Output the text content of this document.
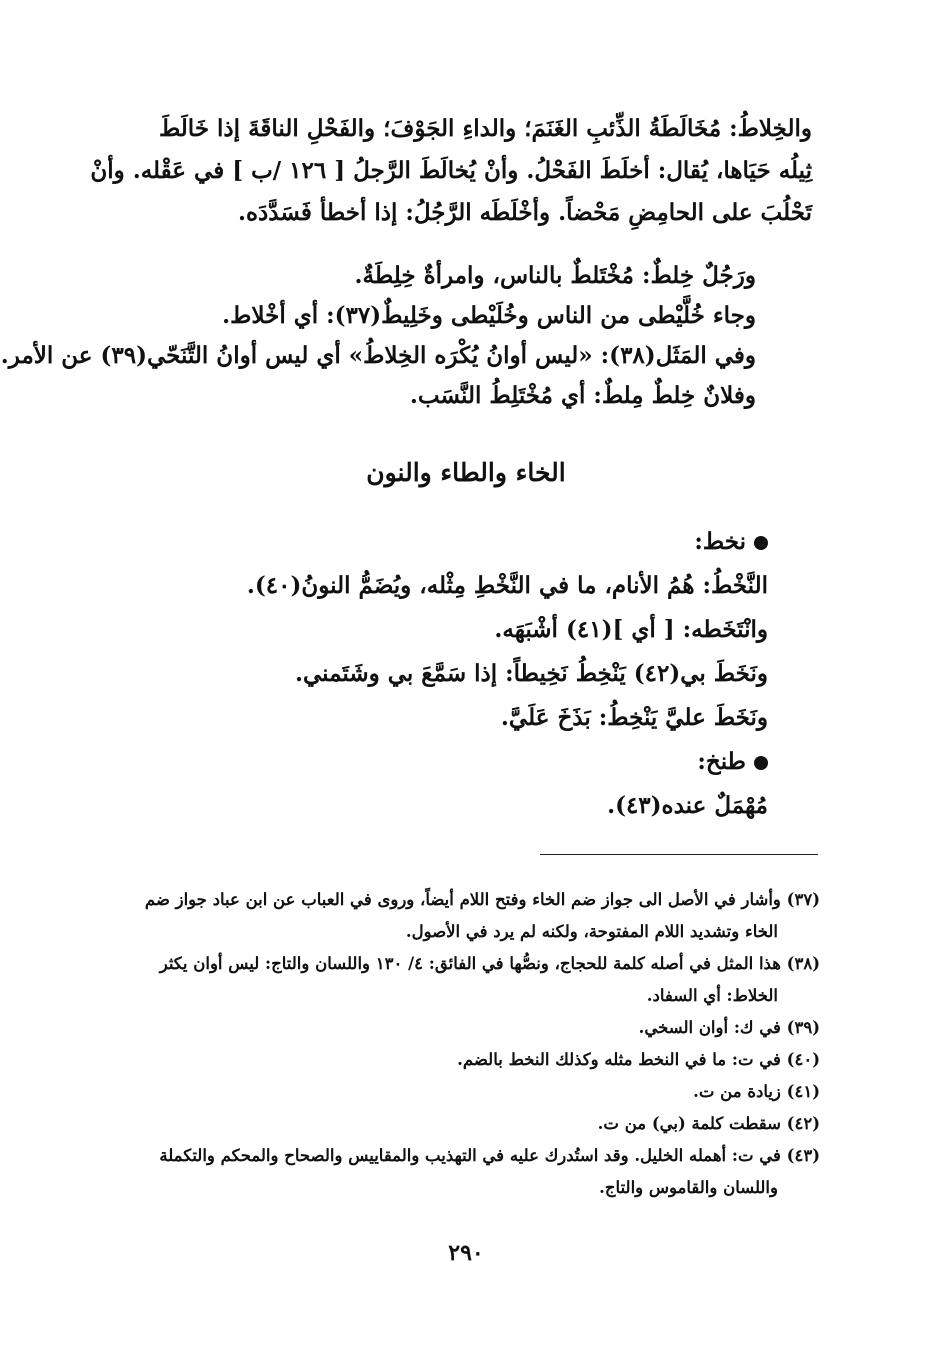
والخِلاطُ: مُخَالَطَةُ الذِّئبِ الغَنَمَ؛ والداءِ الجَوْفَ؛ والفَحْلِ الناقَةَ إذا خَالَطَ
ثِيلُه حَيَاها، يُقال: أخلَطَ الفَحْلُ. وأنْ يُخالَطَ الرَّجلُ [ ١٢٦ /ب ] في عَقْله. وأنْ
تَحْلُبَ على الحامِضِ مَحْضاً. وأخْلَطَه الرَّجُلُ: إذا أخطأ فَسَدَّدَه.
ورَجُلٌ خِلطٌ: مُخْتَلطٌ بالناس، وامرأةٌ خِلِطَةٌ.
وجاء خُلَّيْطى من الناس وخُلَيْطى وخَلِيطٌ(٣٧): أي أخْلاط.
وفي المَثَل(٣٨): «ليس أوانُ يُكْرَه الخِلاطُ» أي ليس أوانُ التَّنَحّي(٣٩) عن الأمر.
وفلانٌ خِلطٌ مِلطٌ: أي مُخْتَلِطُ النَّسَب.
الخاء والطاء والنون
نخط:
النَّخْطُ: هُمُ الأنام، ما في النَّخْطِ مِثْله، ويُضَمُّ النونُ(٤٠).
وانْتَخَطه: [ أي ](٤١) أشْبَهَه.
ونَخَطَ بي(٤٢) يَنْخِطُ نَخِيطاً: إذا سَمَّعَ بي وشَتَمني.
ونَخَطَ عليَّ يَنْخِطُ: بَذَخَ عَلَيَّ.
طنخ:
مُهْمَلٌ عنده(٤٣).
(٣٧) وأشار في الأصل الى جواز ضم الخاء وفتح اللام أيضاً، وروى في العباب عن ابن عباد جواز ضم
الخاء وتشديد اللام المفتوحة، ولكنه لم يرد في الأصول.
(٣٨) هذا المثل في أصله كلمة للحجاج، ونصُّها في الفائق: ٤/ ١٣٠ واللسان والتاج: ليس أوان يكثر
الخلاط: أي السفاد.
(٣٩) في ك: أوان السخي.
(٤٠) في ت: ما في النخط مثله وكذلك النخط بالضم.
(٤١) زيادة من ت.
(٤٢) سقطت كلمة (بي) من ت.
(٤٣) في ت: أهمله الخليل. وقد استُدرك عليه في التهذيب والمقاييس والصحاح والمحكم والتكملة
واللسان والقاموس والتاج.
٢٩٠
